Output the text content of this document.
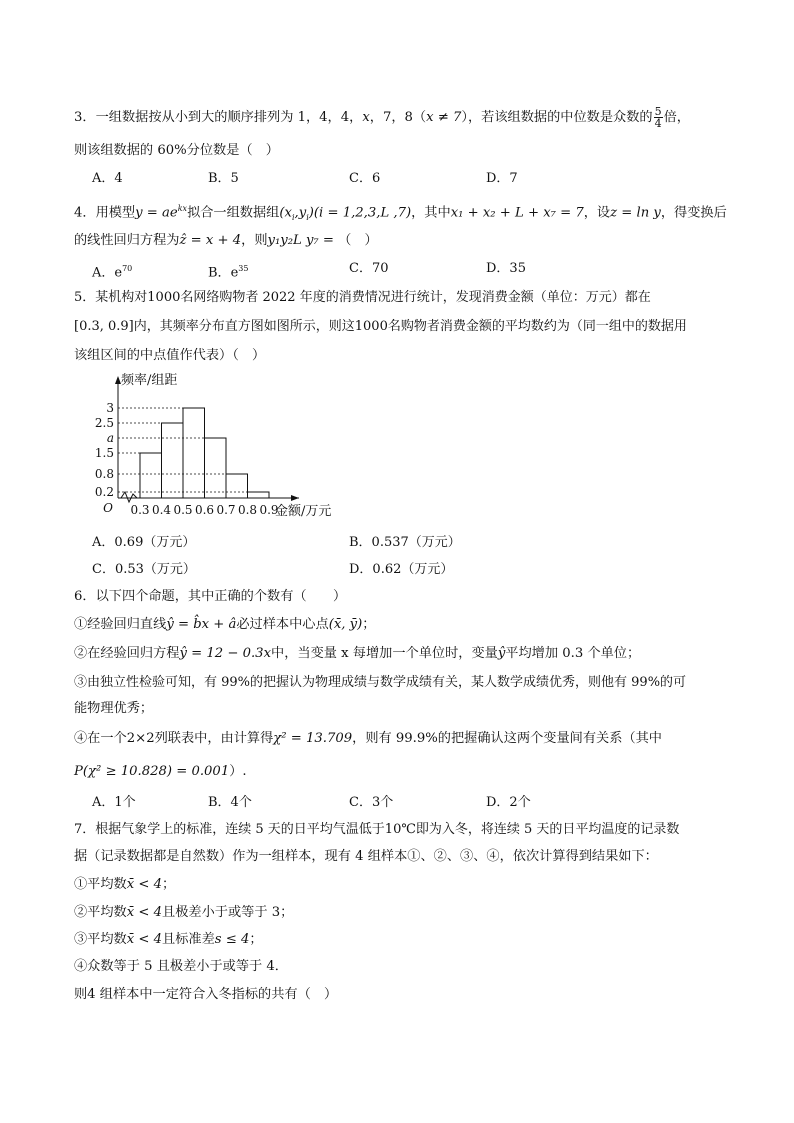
3．一组数据按从小到大的顺序排列为 1，4，4，x，7，8（x ≠ 7），若该组数据的中位数是众数的 $\frac{5}{4}$ 倍，
则该组数据的 60%分位数是（　）
A．4	B．5	C．6	D．7
4．用模型$y = ae^{kx}$拟合一组数据组$(x_i,y_i)(i = 1,2,3,L$ ,7)，其中x₁ + x₂ + L + x₇ = 7，设z = ln y，得变换后
的线性回归方程为ẑ = x + 4，则y₁y₂L y₇ = （　）
A．$e^{70}$	B．$e^{35}$	C．70	D．35
5．某机构对1000名网络购物者 2022 年度的消费情况进行统计，发现消费金额（单位：万元）都在
[0.3, 0.9]内，其频率分布直方图如图所示，则这1000名购物者消费金额的平均数约为（同一组中的数据用
该组区间的中点值作代表）（　）
3
2.5
a
1.5
0.8
0.2
0.3 0.4 0.5 0.6 0.7 0.8 0.9
O
频率/组距
金额/万元
A．0.69（万元）	B．0.537（万元）
C．0.53（万元）	D．0.62（万元）
6．以下四个命题，其中正确的个数有（　　）
①经验回归直线ŷ = b̂x + â必过样本中心点(x̄, ȳ)；
②在经验回归方程ŷ = 12 − 0.3x中，当变量 x 每增加一个单位时，变量ŷ平均增加 0.3 个单位；
③由独立性检验可知，有 99%的把握认为物理成绩与数学成绩有关，某人数学成绩优秀，则他有 99%的可
能物理优秀；
④在一个2×2列联表中，由计算得χ² = 13.709，则有 99.9%的把握确认这两个变量间有关系（其中
P(χ² ≥ 10.828) = 0.001）.
A．1个	B．4个	C．3个	D．2个
7．根据气象学上的标准，连续 5 天的日平均气温低于10℃即为入冬，将连续 5 天的日平均温度的记录数
据（记录数据都是自然数）作为一组样本，现有 4 组样本①、②、③、④，依次计算得到结果如下：
①平均数x̄ < 4；
②平均数x̄ < 4且极差小于或等于 3；
③平均数x̄ < 4且标准差s ≤ 4；
④众数等于 5 且极差小于或等于 4．
则4 组样本中一定符合入冬指标的共有（　）
